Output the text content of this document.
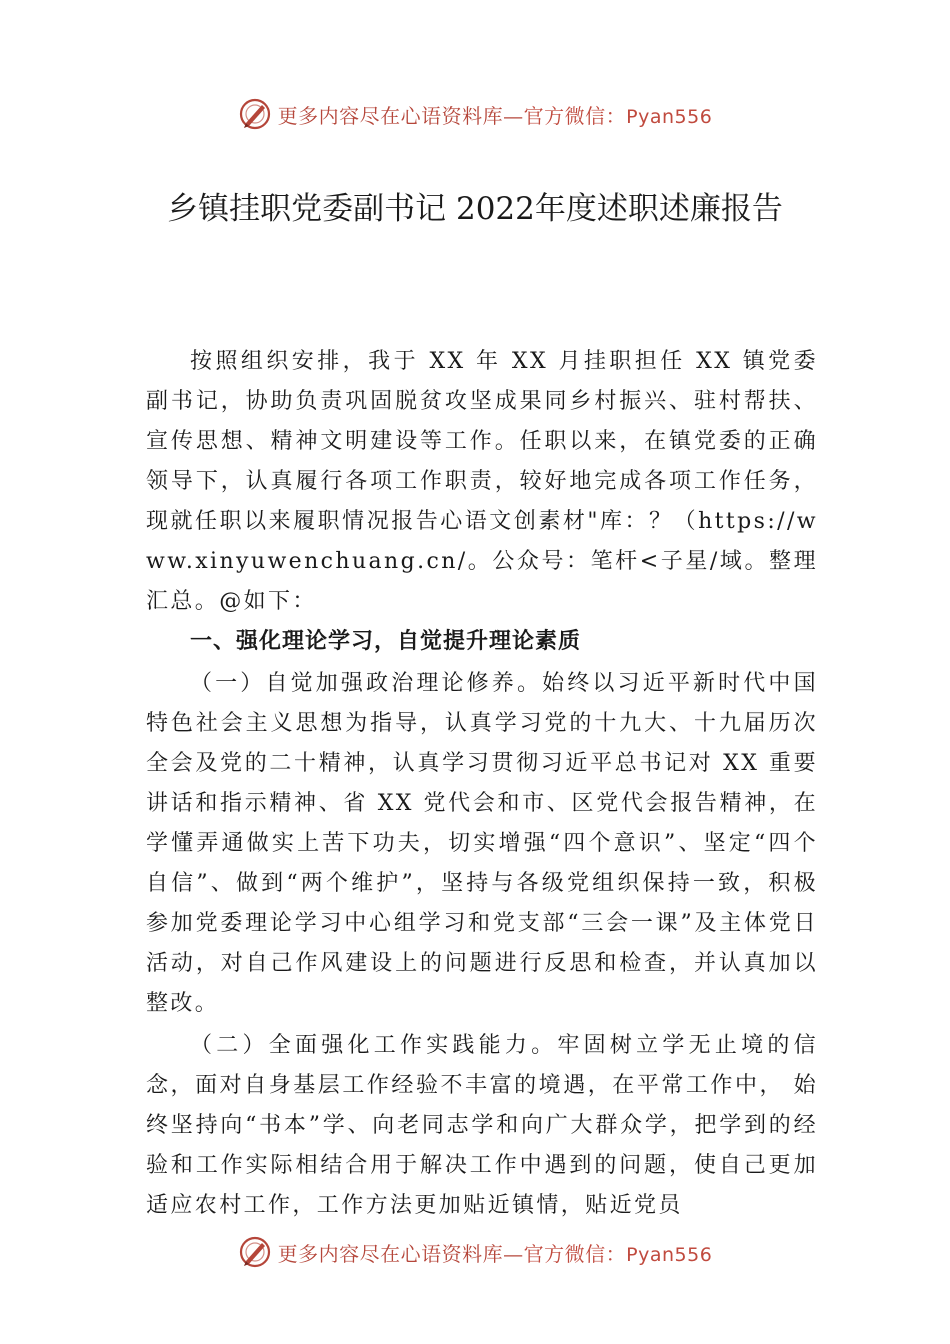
更多内容尽在心语资料库—官方微信：Pyan556
乡镇挂职党委副书记 2022年度述职述廉报告

按照组织安排，我于 XX 年 XX 月挂职担任 XX 镇党委副书记，协助负责巩固脱贫攻坚成果同乡村振兴、驻村帮扶、宣传思想、精神文明建设等工作。任职以来，在镇党委的正确领导下，认真履行各项工作职责，较好地完成各项工作任务，现就任职以来履职情况报告心语文创素材"库：？（https://www.xinyuwenchuang.cn/。公众号：笔杆<子星/域。整理汇总。@如下：

一、强化理论学习，自觉提升理论素质

（一）自觉加强政治理论修养。始终以习近平新时代中国特色社会主义思想为指导，认真学习党的十九大、十九届历次全会及党的二十精神，认真学习贯彻习近平总书记对 XX 重要讲话和指示精神、省 XX 党代会和市、区党代会报告精神，在学懂弄通做实上苦下功夫，切实增强“四个意识”、坚定“四个自信”、做到“两个维护”，坚持与各级党组织保持一致，积极参加党委理论学习中心组学习和党支部“三会一课”及主体党日活动，对自己作风建设上的问题进行反思和检查，并认真加以整改。

（二）全面强化工作实践能力。牢固树立学无止境的信念，面对自身基层工作经验不丰富的境遇，在平常工作中， 始终坚持向“书本”学、向老同志学和向广大群众学，把学到的经验和工作实际相结合用于解决工作中遇到的问题，使自己更加适应农村工作，工作方法更加贴近镇情，贴近党员

更多内容尽在心语资料库—官方微信：Pyan556
